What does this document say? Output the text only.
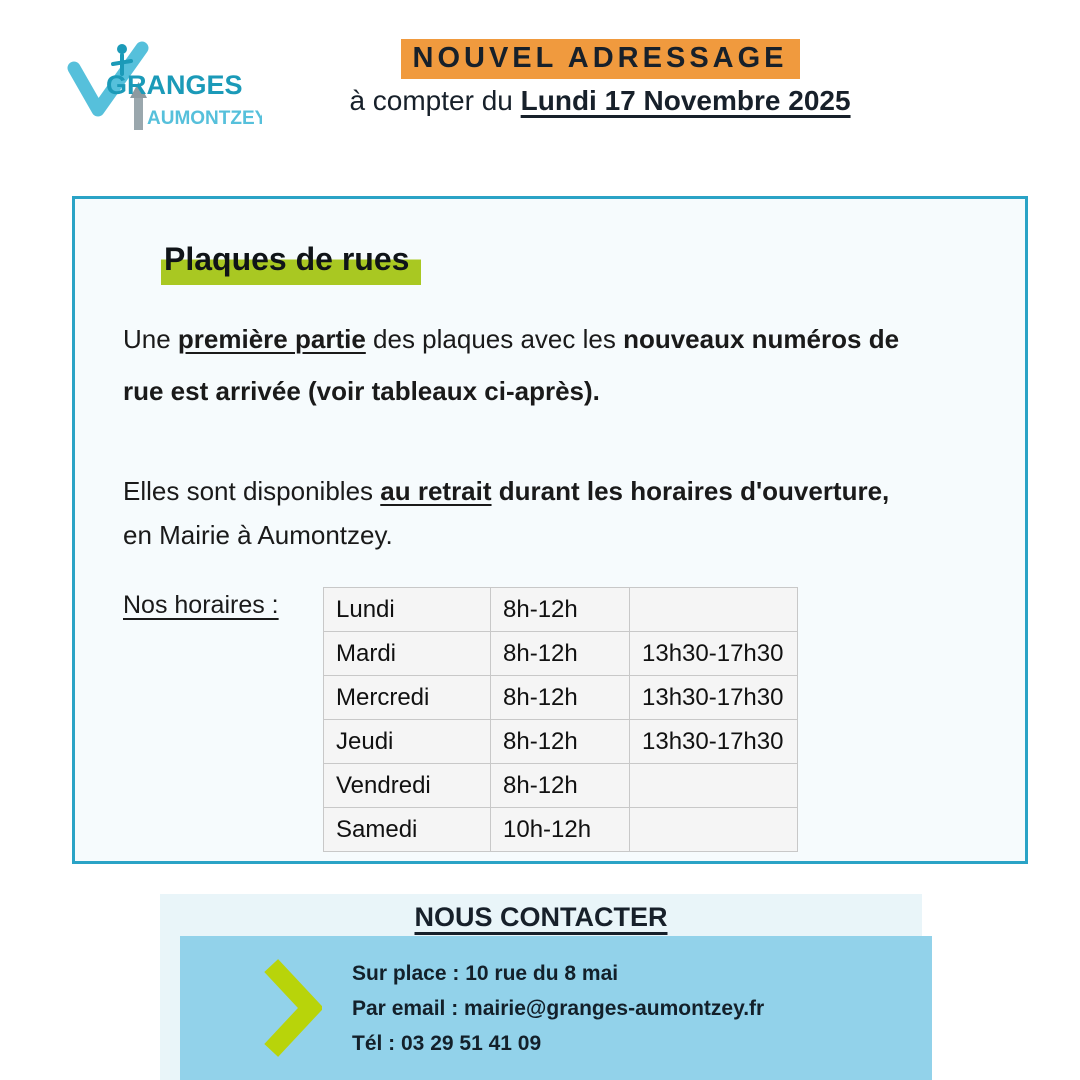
GRANGES
AUMONTZEY
NOUVEL ADRESSAGE

à compter du Lundi 17 Novembre 2025

Plaques de rues

Une première partie des plaques avec les nouveaux numéros de
rue est arrivée (voir tableaux ci-après).

Elles sont disponibles au retrait durant les horaires d'ouverture,
en Mairie à Aumontzey.

Nos horaires : Lundi	8h-12h	
Mardi	8h-12h	13h30-17h30
Mercredi	8h-12h	13h30-17h30
Jeudi	8h-12h	13h30-17h30
Vendredi	8h-12h	
Samedi	10h-12h	
NOUS CONTACTER

Sur place : 10 rue du 8 mai

Par email : mairie@granges-aumontzey.fr

Tél : 03 29 51 41 09
